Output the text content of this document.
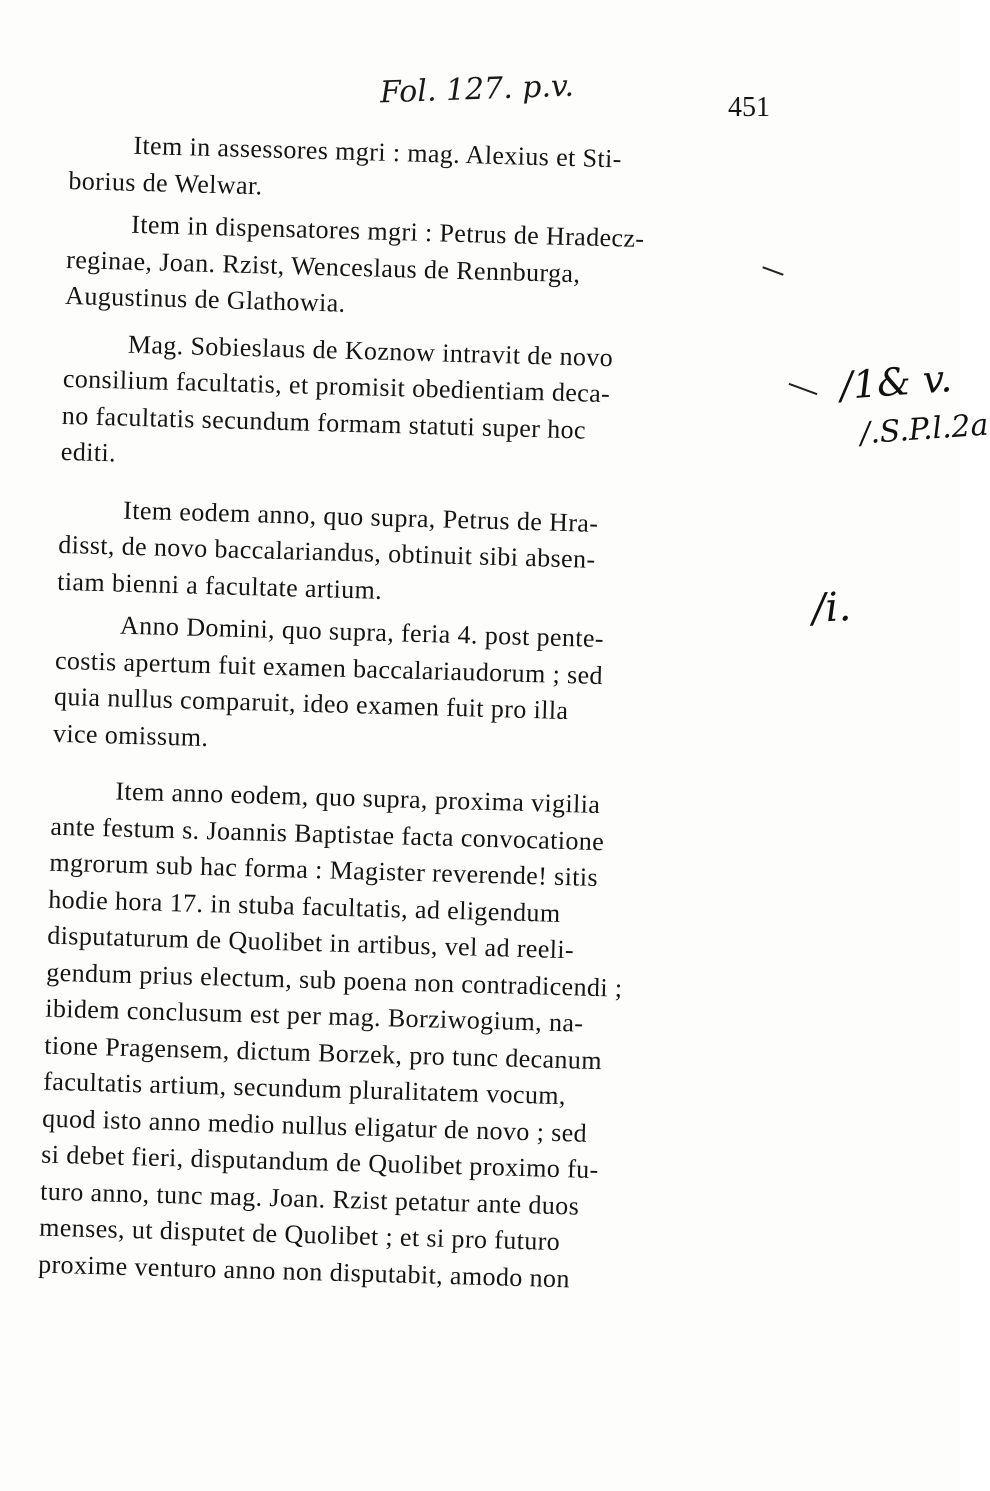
Fol. 127. p.v.	451
/1& v.
/.S.P.l.2a
/i.
Item in assessores mgri : mag. Alexius et Sti-
borius de Welwar.
Item in dispensatores mgri : Petrus de Hradecz-
reginae, Joan. Rzist, Wenceslaus de Rennburga,
Augustinus de Glathowia.
Mag. Sobieslaus de Koznow intravit de novo
consilium facultatis, et promisit obedientiam deca-
no facultatis secundum formam statuti super hoc
editi.
Item eodem anno, quo supra, Petrus de Hra-
disst, de novo baccalariandus, obtinuit sibi absen-
tiam bienni a facultate artium.
Anno Domini, quo supra, feria 4. post pente-
costis apertum fuit examen baccalariaudorum ; sed
quia nullus comparuit, ideo examen fuit pro illa
vice omissum.
Item anno eodem, quo supra, proxima vigilia
ante festum s. Joannis Baptistae facta convocatione
mgrorum sub hac forma : Magister reverende! sitis
hodie hora 17. in stuba facultatis, ad eligendum
disputaturum de Quolibet in artibus, vel ad reeli-
gendum prius electum, sub poena non contradicendi ;
ibidem conclusum est per mag. Borziwogium, na-
tione Pragensem, dictum Borzek, pro tunc decanum
facultatis artium, secundum pluralitatem vocum,
quod isto anno medio nullus eligatur de novo ; sed
si debet fieri, disputandum de Quolibet proximo fu-
turo anno, tunc mag. Joan. Rzist petatur ante duos
menses, ut disputet de Quolibet ; et si pro futuro
proxime venturo anno non disputabit, amodo non
